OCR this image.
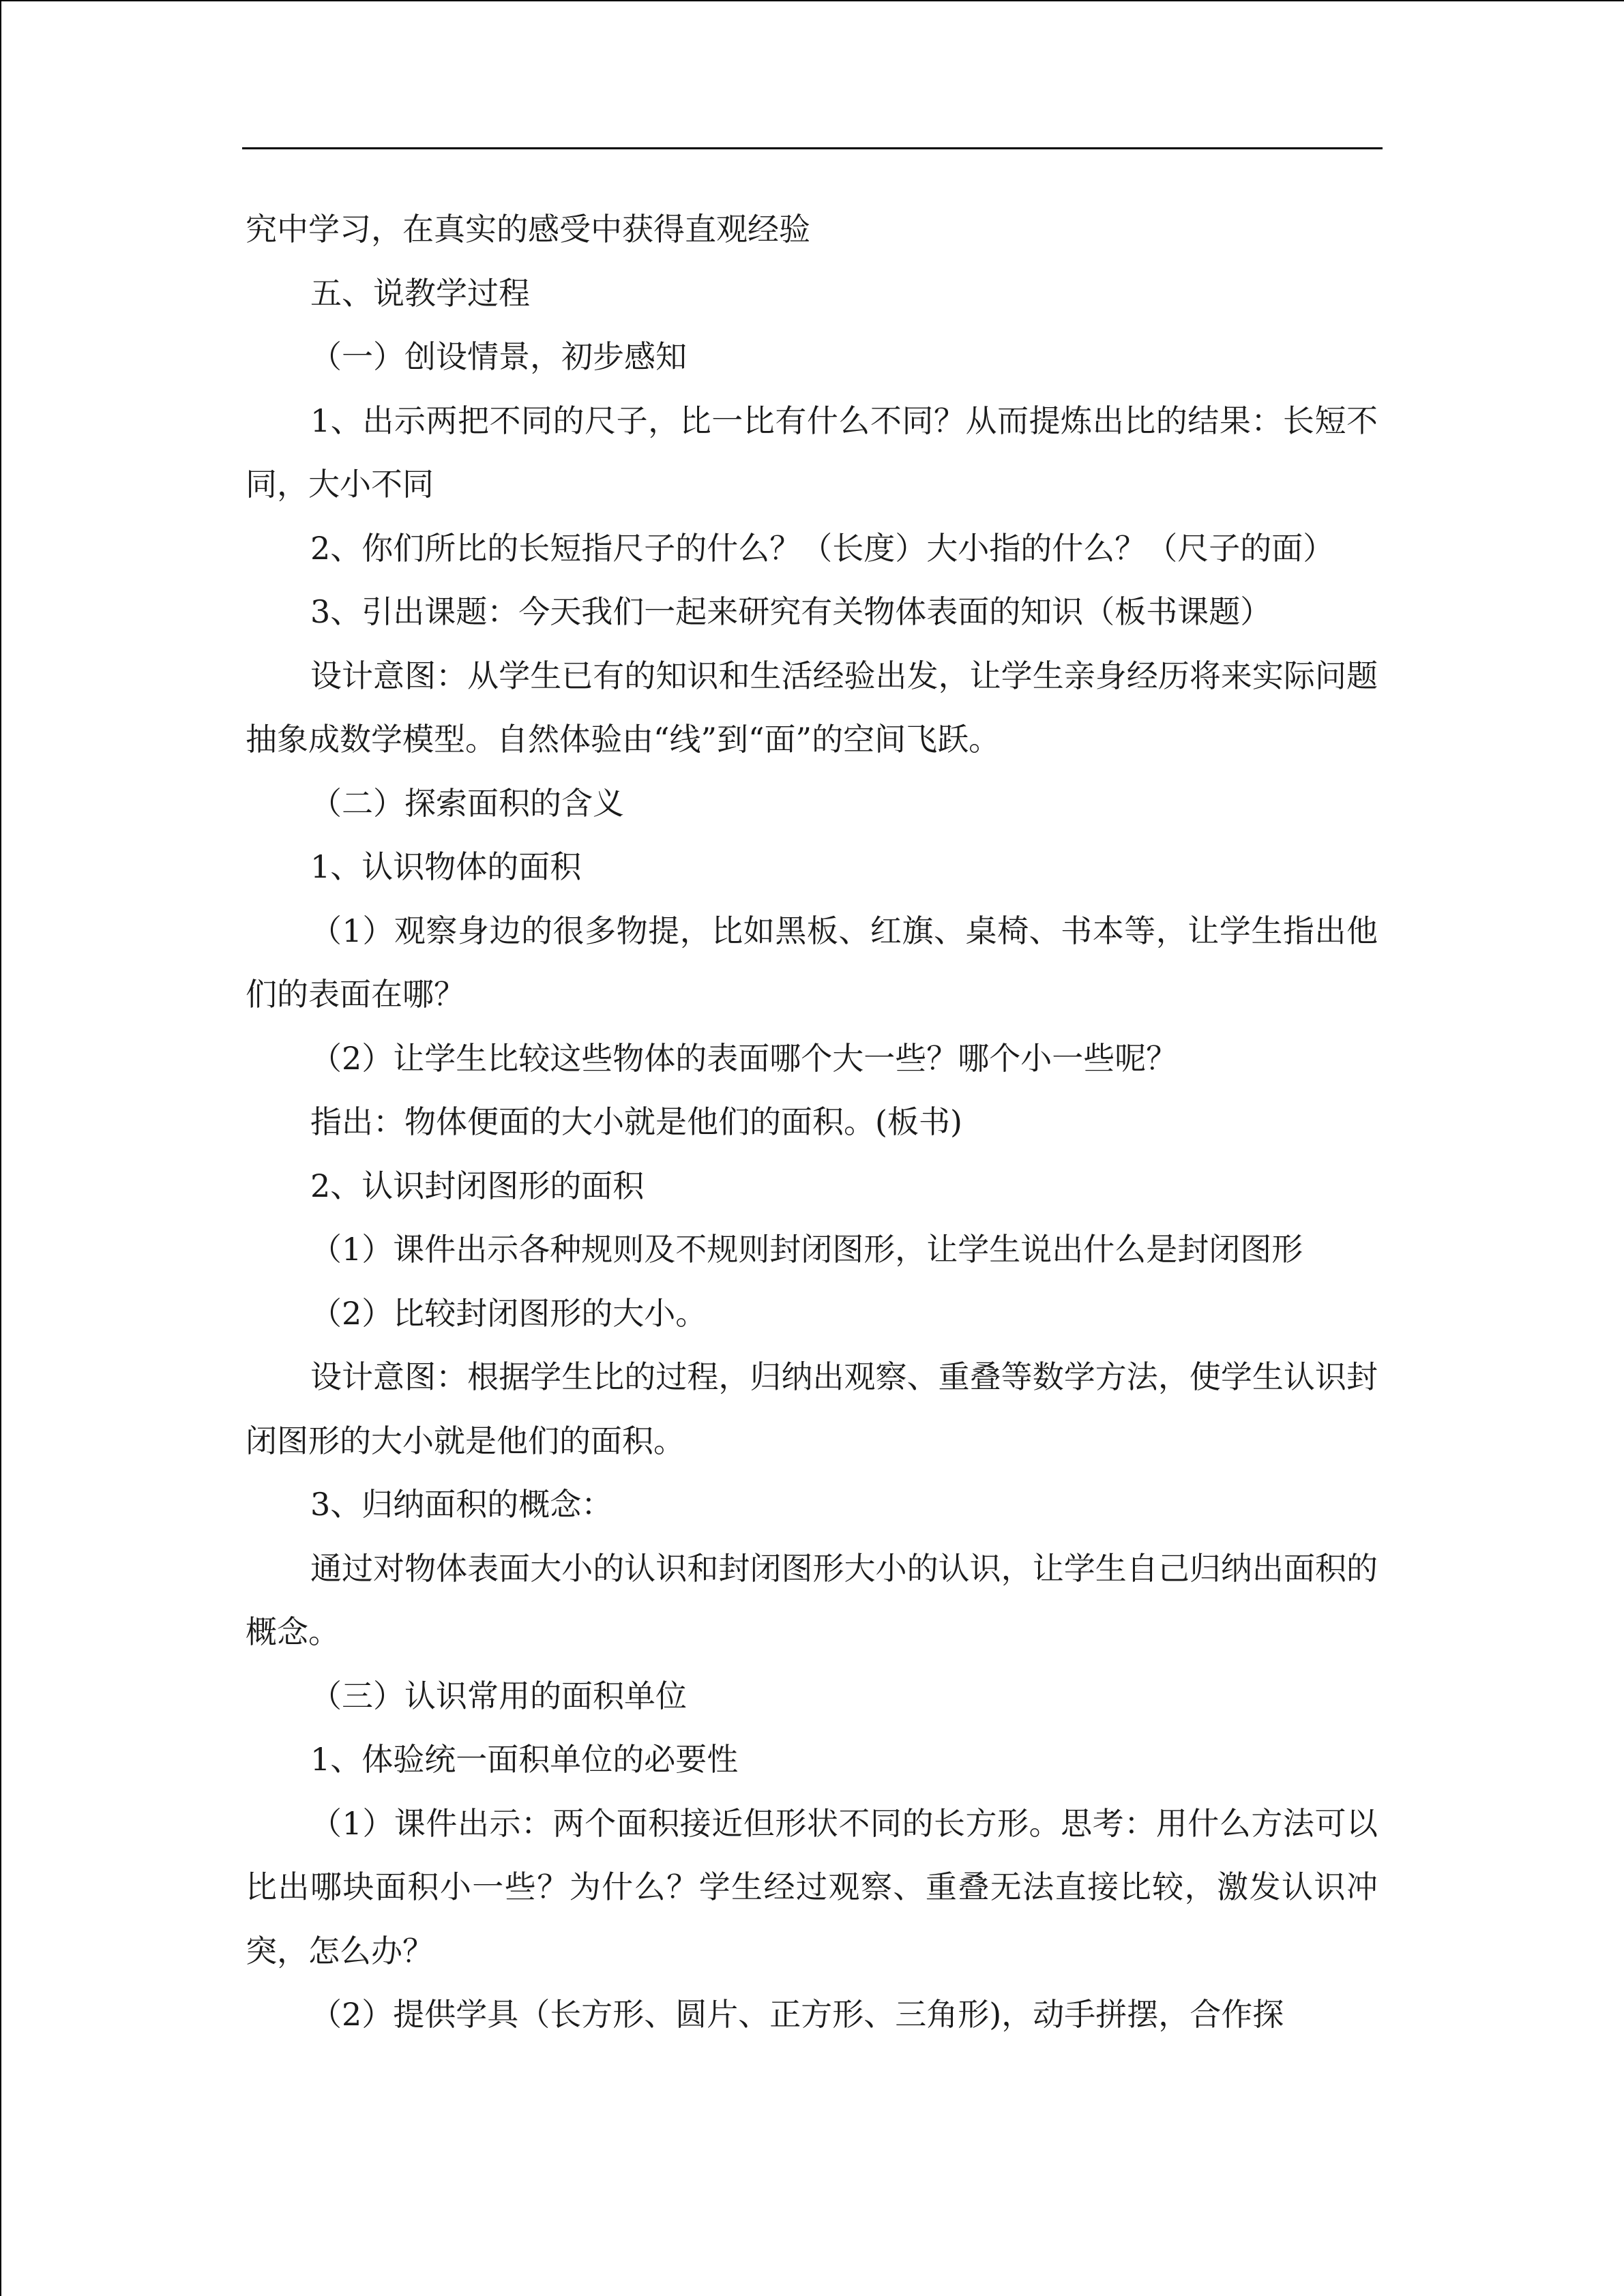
究中学习，在真实的感受中获得直观经验

五、说教学过程

（一）创设情景，初步感知

1、出示两把不同的尺子，比一比有什么不同？从而提炼出比的结果：长短不同，大小不同

2、你们所比的长短指尺子的什么？（长度）大小指的什么？（尺子的面）

3、引出课题：今天我们一起来研究有关物体表面的知识（板书课题）

设计意图：从学生已有的知识和生活经验出发，让学生亲身经历将来实际问题抽象成数学模型。自然体验由“线”到“面”的空间飞跃。

（二）探索面积的含义

1、认识物体的面积

（1）观察身边的很多物提，比如黑板、红旗、桌椅、书本等，让学生指出他们的表面在哪？

（2）让学生比较这些物体的表面哪个大一些？哪个小一些呢？

指出：物体便面的大小就是他们的面积。(板书)

2、认识封闭图形的面积

（1）课件出示各种规则及不规则封闭图形，让学生说出什么是封闭图形

（2）比较封闭图形的大小。

设计意图：根据学生比的过程，归纳出观察、重叠等数学方法，使学生认识封闭图形的大小就是他们的面积。

3、归纳面积的概念：

通过对物体表面大小的认识和封闭图形大小的认识，让学生自己归纳出面积的概念。

（三）认识常用的面积单位

1、体验统一面积单位的必要性

（1）课件出示：两个面积接近但形状不同的长方形。思考：用什么方法可以比出哪块面积小一些？为什么？学生经过观察、重叠无法直接比较，激发认识冲突，怎么办？

（2）提供学具（长方形、圆片、正方形、三角形)，动手拼摆，合作探
